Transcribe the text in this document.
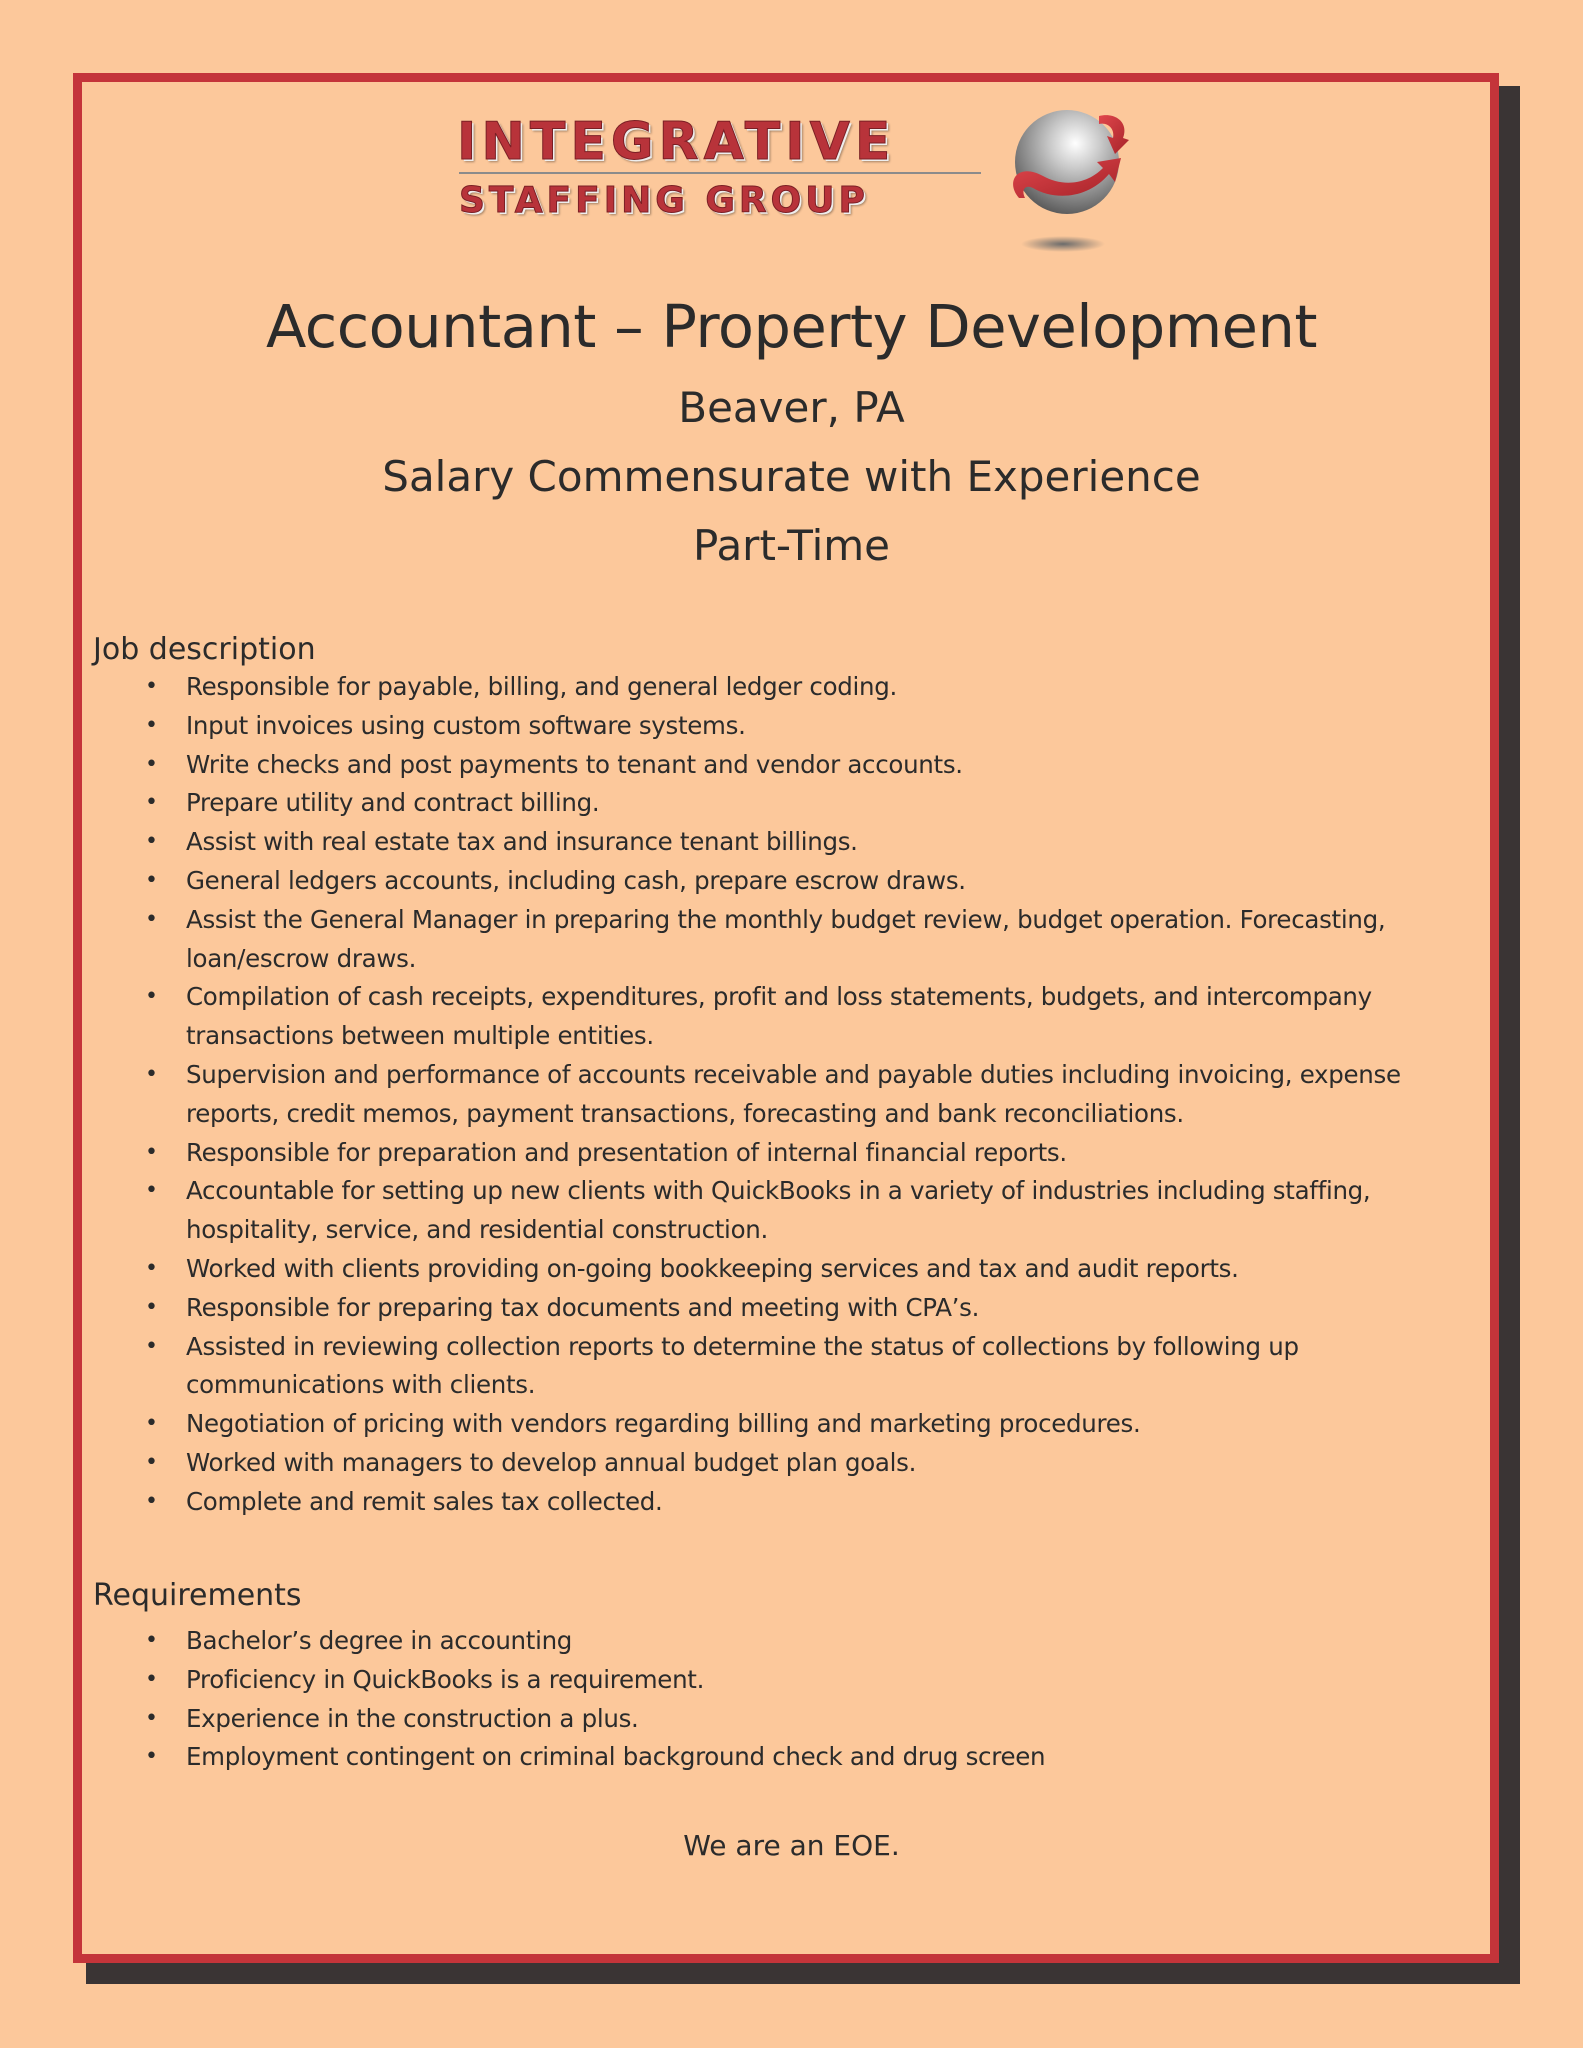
INTEGRATIVE
STAFFING GROUP
Accountant – Property Development
Beaver, PA
Salary Commensurate with Experience
Part-Time
Job description
• Responsible for payable, billing, and general ledger coding.
• Input invoices using custom software systems.
• Write checks and post payments to tenant and vendor accounts.
• Prepare utility and contract billing.
• Assist with real estate tax and insurance tenant billings.
• General ledgers accounts, including cash, prepare escrow draws.
• Assist the General Manager in preparing the monthly budget review, budget operation. Forecasting, loan/escrow draws.
• Compilation of cash receipts, expenditures, profit and loss statements, budgets, and intercompany transactions between multiple entities.
• Supervision and performance of accounts receivable and payable duties including invoicing, expense reports, credit memos, payment transactions, forecasting and bank reconciliations.
• Responsible for preparation and presentation of internal financial reports.
• Accountable for setting up new clients with QuickBooks in a variety of industries including staffing, hospitality, service, and residential construction.
• Worked with clients providing on-going bookkeeping services and tax and audit reports.
• Responsible for preparing tax documents and meeting with CPA’s.
• Assisted in reviewing collection reports to determine the status of collections by following up communications with clients.
• Negotiation of pricing with vendors regarding billing and marketing procedures.
• Worked with managers to develop annual budget plan goals.
• Complete and remit sales tax collected.
Requirements
• Bachelor’s degree in accounting
• Proficiency in QuickBooks is a requirement.
• Experience in the construction a plus.
• Employment contingent on criminal background check and drug screen
We are an EOE.
